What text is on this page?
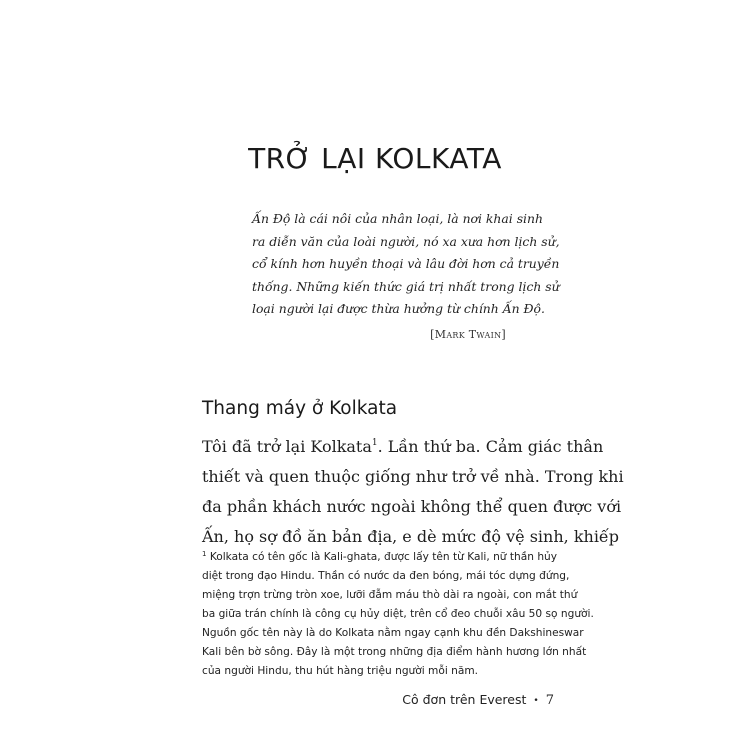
TRỞ LẠI KOLKATA
Ấn Độ là cái nôi của nhân loại, là nơi khai sinh
ra diễn văn của loài người, nó xa xưa hơn lịch sử,
cổ kính hơn huyền thoại và lâu đời hơn cả truyền
thống. Những kiến thức giá trị nhất trong lịch sử
loại người lại được thừa hưởng từ chính Ấn Độ.
[Mark Twain]
Thang máy ở Kolkata
Tôi đã trở lại Kolkata$^1$. Lần thứ ba. Cảm giác thân
thiết và quen thuộc giống như trở về nhà. Trong khi
đa phần khách nước ngoài không thể quen được với
Ấn, họ sợ đồ ăn bản địa, e dè mức độ vệ sinh, khiếp
$^1$ Kolkata có tên gốc là Kali-ghata, được lấy tên từ Kali, nữ thần hủy
diệt trong đạo Hindu. Thần có nước da đen bóng, mái tóc dựng đứng,
miệng trợn trừng tròn xoe, lưỡi đẫm máu thò dài ra ngoài, con mắt thứ
ba giữa trán chính là công cụ hủy diệt, trên cổ đeo chuỗi xâu 50 sọ người.
Nguồn gốc tên này là do Kolkata nằm ngay cạnh khu đền Dakshineswar
Kali bên bờ sông. Đây là một trong những địa điểm hành hương lớn nhất
của người Hindu, thu hút hàng triệu người mỗi năm.
Cô đơn trên Everest • 7
